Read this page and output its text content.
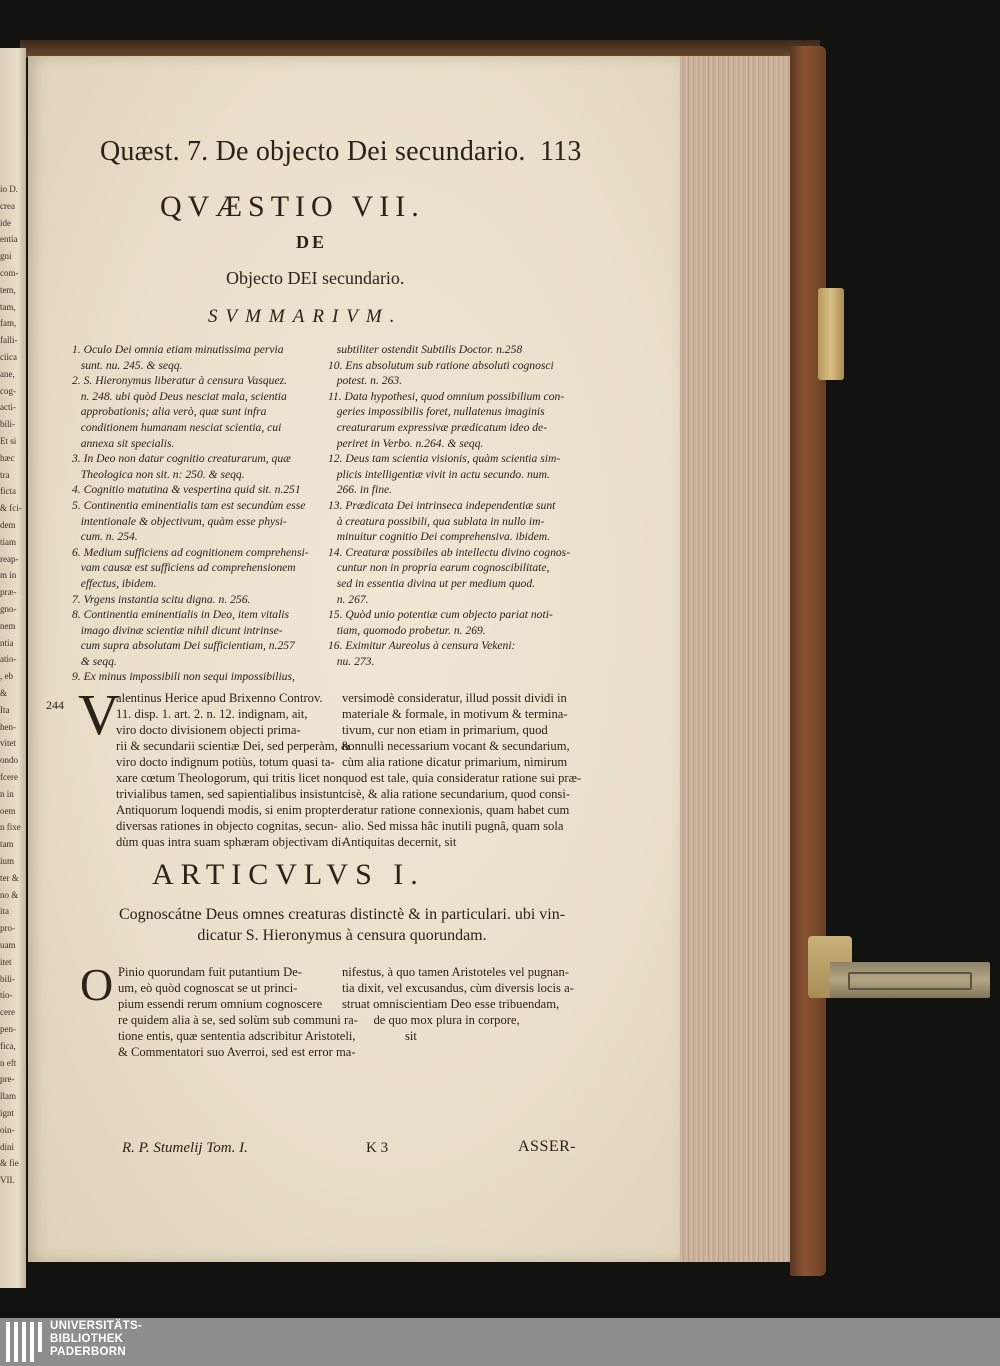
io D.
crea
ide
entia
gni
com-
tem,
tam,
fam,
falli-
ciica
ane,
cog-
acti-
bili-
Et si
hæc
tra
ficta
& fci-
dem
tiam
reap-
m in
præ-
gno-
nem
ntia
atio-
, eb
&
Ita
hen-
vitet
ondo
fcere
n in
oem
n fixe
tam
ium
ter &
no &
ita
pro-
uam
itet
bili-
tio-
cere
pen-
fica,
n eft
pre-
llam
ignt
oin-
dini
& fie
VII.
Quæst. 7. De objecto Dei secundario. 113
QVÆSTIO VII.
DE
Objecto DEI secundario.
SVMMARIVM.
1. Oculo Dei omnia etiam minutissima pervia
sunt. nu. 245. & seqq.
2. S. Hieronymus liberatur à censura Vasquez.
n. 248. ubi quòd Deus nesciat mala, scientia
approbationis; alia verò, quæ sunt infra
conditionem humanam nesciat scientia, cui
annexa sit specialis.
3. In Deo non datur cognitio creaturarum, quæ
Theologica non sit. n: 250. & seqq.
4. Cognitio matutina & vespertina quid sit. n.251
5. Continentia eminentialis tam est secundùm esse
intentionale & objectivum, quàm esse physi-
cum. n. 254.
6. Medium sufficiens ad cognitionem comprehensi-
vam causæ est sufficiens ad comprehensionem
effectus, ibidem.
7. Vrgens instantia scitu digna. n. 256.
8. Continentia eminentialis in Deo, item vitalis
imago divinæ scientiæ nihil dicunt intrinse-
cum supra absolutam Dei sufficientiam, n.257
& seqq.
9. Ex minus impossibili non sequi impossibilius,
subtiliter ostendit Subtilis Doctor. n.258
10. Ens absolutum sub ratione absoluti cognosci
potest. n. 263.
11. Data hypothesi, quod omnium possibilium con-
geries impossibilis foret, nullatenus imaginis
creaturarum expressivæ prædicatum ideo de-
periret in Verbo. n.264. & seqq.
12. Deus tam scientia visionis, quàm scientia sim-
plicis intelligentiæ vivit in actu secundo. num.
266. in fine.
13. Prædicata Dei intrinseca independentiæ sunt
à creatura possibili, qua sublata in nullo im-
minuitur cognitio Dei comprehensiva. ibidem.
14. Creaturæ possibiles ab intellectu divino cognos-
cuntur non in propria earum cognoscibilitate,
sed in essentia divina ut per medium quod.
n. 267.
15. Quòd unio potentiæ cum objecto pariat noti-
tiam, quomodo probetur. n. 269.
16. Eximitur Aureolus à censura Vekeni:
nu. 273.
244 V
alentinus Herice apud Brixenno Controv.
11. disp. 1. art. 2. n. 12. indignam, ait,
viro docto divisionem objecti prima-
rii & secundarii scientiæ Dei, sed perperàm, &
viro docto indignum potiùs, totum quasi ta-
xare cœtum Theologorum, qui tritis licet non
trivialibus tamen, sed sapientialibus insistunt
Antiquorum loquendi modis, si enim propter
diversas rationes in objecto cognitas, secun-
dùm quas intra suam sphæram objectivam di-
versimodè consideratur, illud possit dividi in
materiale & formale, in motivum & termina-
tivum, cur non etiam in primarium, quod
nonnulli necessarium vocant & secundarium,
cùm alia ratione dicatur primarium, nimirum
quod est tale, quia consideratur ratione sui præ-
cisè, & alia ratione secundarium, quod consi-
deratur ratione connexionis, quam habet cum
alio. Sed missa hâc inutili pugnâ, quam sola
Antiquitas decernit, sit
ARTICVLVS I.
Cognoscátne Deus omnes creaturas distinctè & in particulari. ubi vin-
dicatur S. Hieronymus à censura quorundam.
O Pinio quorundam fuit putantium De-
um, eò quòd cognoscat se ut princi-
pium essendi rerum omnium cognoscere
re quidem alia à se, sed solùm sub communi ra-
tione entis, quæ sententia adscribitur Aristoteli,
& Commentatori suo Averroi, sed est error ma-
nifestus, à quo tamen Aristoteles vel pugnan-
tia dixit, vel excusandus, cùm diversis locis a-
struat omniscientiam Deo esse tribuendam,
de quo mox plura in corpore,
sit
R. P. Stumelij Tom. I.	K 3	ASSER-
UNIVERSITÄTS-
BIBLIOTHEK
PADERBORN
